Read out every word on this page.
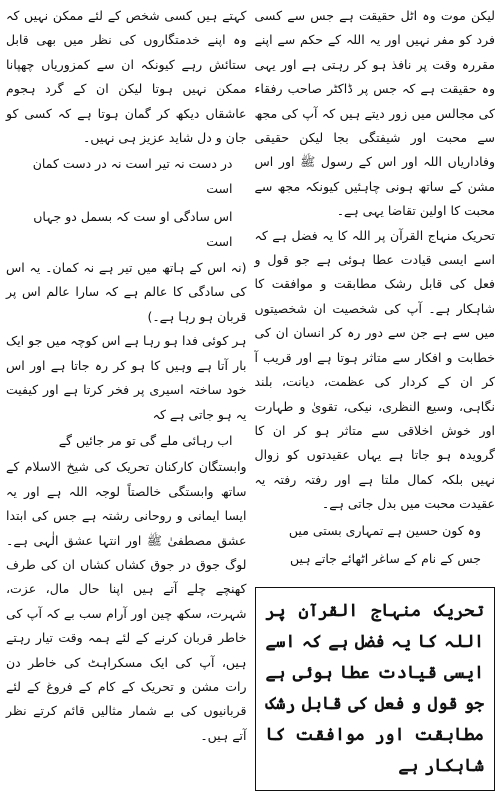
لیکن موت وہ اٹل حقیقت ہے جس سے کسی فرد کو مفر نہیں اور یہ اللہ کے حکم سے اپنے مقررہ وقت پر نافذ ہو کر رہتی ہے اور یہی وہ حقیقت ہے کہ جس پر ڈاکٹر صاحب رفقاء کی مجالس میں زور دیتے ہیں کہ آپ کی مجھ سے محبت اور شیفتگی بجا لیکن حقیقی وفاداریاں اللہ اور اس کے رسول ﷺ اور اس مشن کے ساتھ ہونی چاہئیں کیونکہ مجھ سے محبت کا اولین تقاضا یہی ہے۔

تحریک منہاج القرآن پر اللہ کا یہ فضل ہے کہ اسے ایسی قیادت عطا ہوئی ہے جو قول و فعل کی قابل رشک مطابقت و موافقت کا شاہکار ہے۔ آپ کی شخصیت ان شخصیتوں میں سے ہے جن سے دور رہ کر انسان ان کی خطابت و افکار سے متاثر ہوتا ہے اور قریب آ کر ان کے کردار کی عظمت، دیانت، بلند نگاہی، وسیع النظری، نیکی، تقویٰ و طہارت اور خوش اخلاقی سے متاثر ہو کر ان کا گرویدہ ہو جاتا ہے یہاں عقیدتوں کو زوال نہیں بلکہ کمال ملتا ہے اور رفتہ رفتہ یہ عقیدت محبت میں بدل جاتی ہے۔

وہ کون حسین ہے تمہاری بستی میں
جس کے نام کے ساغر اٹھائے جاتے ہیں
تحریک منہاج القرآن پر اللہ کا یہ فضل ہے کہ اسے ایسی قیادت عطا ہوئی ہے جو قول و فعل کی قابل رشک مطابقت اور موافقت کا شاہکار ہے

کہتے ہیں کسی شخص کے لئے ممکن نہیں کہ وہ اپنے خدمتگاروں کی نظر میں بھی قابل ستائش رہے کیونکہ ان سے کمزوریاں چھپانا ممکن نہیں ہوتا لیکن ان کے گرد ہجوم عاشقاں دیکھ کر گمان ہوتا ہے کہ کسی کو جان و دل شاید عزیز ہی نہیں۔

در دست نہ تیر است نہ در دست کمان است
اس سادگی او ست کہ بسمل دو جہاں است

(نہ اس کے ہاتھ میں تیر ہے نہ کمان۔ یہ اس کی سادگی کا عالم ہے کہ سارا عالم اس پر قربان ہو رہا ہے۔)

ہر کوئی فدا ہو رہا ہے اس کوچہ میں جو ایک بار آتا ہے وہیں کا ہو کر رہ جاتا ہے اور اس خود ساختہ اسیری پر فخر کرتا ہے اور کیفیت یہ ہو جاتی ہے کہ

اب رہائی ملے گی تو مر جائیں گے

وابستگان کارکنان تحریک کی شیخ الاسلام کے ساتھ وابستگی خالصتاً لوجہ اللہ ہے اور یہ ایسا ایمانی و روحانی رشتہ ہے جس کی ابتدا عشق مصطفیٰ ﷺ اور انتہا عشق الٰہی ہے۔ لوگ جوق در جوق کشاں کشاں ان کی طرف کھنچے چلے آتے ہیں اپنا حال مال، عزت، شہرت، سکھ چین اور آرام سب بے کہ آپ کی خاطر قربان کرنے کے لئے ہمہ وقت تیار رہتے ہیں، آپ کی ایک مسکراہٹ کی خاطر دن رات مشن و تحریک کے کام کے فروغ کے لئے قربانیوں کی بے شمار مثالیں قائم کرتے نظر آتے ہیں۔
